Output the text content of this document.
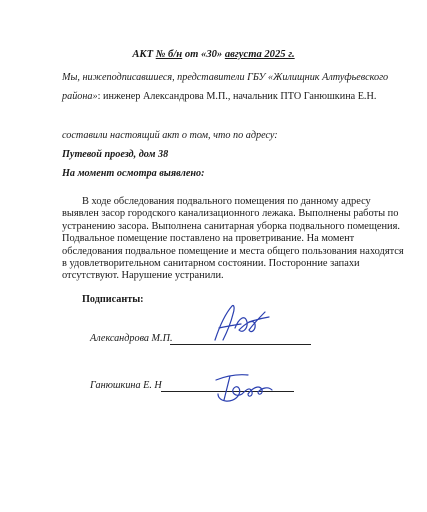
АКТ № б/н от «30» августа 2025 г.
Мы, нижеподписавшиеся, представители ГБУ «Жилищник Алтуфьевского
района»: инженер Александрова М.П., начальник ПТО Ганюшкина Е.Н.
составили настоящий акт о том, что по адресу:
Путевой проезд, дом 38
На момент осмотра выявлено:
В ходе обследования подвального помещения по данному адресу
выявлен засор городского канализационного лежака. Выполнены работы по
устранению засора. Выполнена санитарная уборка подвального помещения.
Подвальное помещение поставлено на проветривание. На момент
обследования подвальное помещение и места общего пользования находятся
в удовлетворительном санитарном состоянии. Посторонние запахи
отсутствуют. Нарушение устранили.
Подписанты:
Александрова М.П.
Ганюшкина Е. Н
